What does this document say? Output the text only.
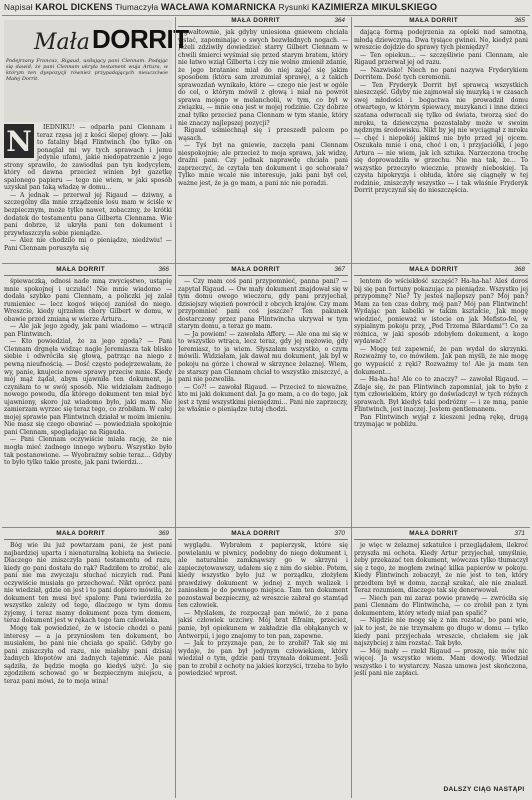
Napisał KAROL DICKENS Tłumaczyła WACŁAWA KOMARNICKA Rysunki KAZIMIERZA MIKULSKIEGO
Mała DORRIT
Podejrzany Francuz, Rigaud, usiłujący pani Clennam. Podając się dawid, że pani Clennam ukryła testament wuja Artura, w którym ten dyspozycji również przypadających nieuczciwie Małej Dorrit.

IEDNIKU! — odparła pani Clennam i teraz rzęsa jej z kości ślepej głowy. — Jaki to fatalny błąd Flintwinch (bo tylko on ponaglał mi wy tych sprawach i jemu jedynie ufam), jakie niedopatrzenie z jego strony sprawiło, że zawiodłaś pan tyn kodycylem, który od dawna przecież winien był gazetkę spalonego papieru — tego nie wiem, w jaki sposób uzyskał pan taką władzę w domu…

— A jednak — przerwał jej Rigaud — dziwny, a szczególny dla mnie zrządzenie losu mam w ściśle w bezpiecznym, może tylko nawet, zobaczmy, że krótki dodatek do testamentu pana Gilberta Clennama. Wie pani dobrze, iż ukryła pani ten dokument i przywłaszczyła sobie pieniądze.

— Alez nie chodzilo mi o pieniądze, niedźwiu! — Pani Clennam poruszyła się

N
MAŁA DORRIT	364

gwałtownie, jak gdyby uniesiona gniewem chciała wstać, zapominając o swych bezwładnych nogach. — Jeżeli zdziwiły dowiedzieć starry Gilbert Clennam w chwili śmierci wyśmiał się przed starym bratem, który nie łatwo wziął Gilberta i czy nie wolno zmienił zdanie, że jego brataniec miał do niej zająć się jakim sposobem (która sam zrozumiał sprawę), a z takich sprawozdań wynikało, które — czego nie jest w ogóle do cel, o którym mówił z głową i miał na powrót sprawa mojego w melancholii, w tym, co był w związku, — mnie ona jest w mojej rodzinie. Czy dobrze znał tylko przecież pana Clennam w tym stanie, który nie znaczy najlepszej pozycji?

Rigaud uśmiechnął się i przeszedł palcem po wąsach.

— Tyś był na gniewie, zaczęła pani Clennam niespokojnie; ale przecież to moja sprawa, jak widzę, drażni pani. Czy jednak naprawdę chciała pani zaprzeczyć, że czytała ten dokument i go schowała? Tylko mnie wcale nie interesuje, jaki pani był cel, ważne jest, że ja go mam, a pani nic nie poradzi.

MAŁA DORRIT	365

dającą formą podejrzenia za opieki nad samotną, młodą dziewczyną. Dwa tysiące gwinei. No, kiedyż pani wreszcie dojdzie do sprawy tych pieniędzy?

— Ten opiekun… — szczęśliwie pani Clennam, ale Rigaud przerwał jej od razu.

— Nazwisko! Niech no pani nazywa Fryderykiem Dorritem. Dość tych ceremonii.

— Ten Fryderyk Dorrit był sprawcą wszystkich nieszczęść. Gdyby nie zajmował się muzyką i w czasach swej młodości i bogactwa nie prowadził domu otwartego, w którym śpiewacy, muzykanci i inne dzieci szatana odwracali się tylko od świata, tworzą sieć do mroku, ta dziewczyna pozostałaby może w swoim nędznym środowisku. Nikt by jej nie wyciągnął z mroku — chęć i niepokój jakimś nie było przed jej ojcem. Oszukała mnie i ona, choć i on, i przyjaciółki, i jego Artura — nie wiem, jak ich sztuka. Narzeczona trochę się doprowadziła w grzechu. Nie ma tak, że… To wszystko przeczyło wiecznie, prawdy nieboskiej. Ta czysta hipokryzja i obłuda, które się ciągnęły w tej rodzinie, zniszczyły wszystko — i tak właśnie Fryderyk Dorrit przyczynił się do nieszczęścia.

MAŁA DORRIT	366

śpiewaczką, odnosi nade mną zwycięstwo, ustąpię mnie spokojnej i uczułać! Nie mnie wiadomo — dodała szybko pani Clennam, a policzki jej zalał rumieniec — lecz kogoś więcej zaniósł do niego. Wreszcie, kiedy ujrzałem chory Gilbert w domu, w obawie przed zmianą w wierze Artura…

— Ale jak jego zgody, jak pani wiadomo — wtrącił pan Flintwinch.

— Kto powiedział, że za jego zgodą? — Pani Clennam drgnęła widząc nagle Jeremiasza tak blisko siebie i odwróciła się głową, patrząc na niego z pewną nieufnością. — Dość często podejrzewałam, że wy, panie, knujecie nowe sprawy przeciw mnie. Kiedy mój mąż żądał, abym ujawniła ten dokument, ja czyniłam to w swój sposób. Nie widziałam żadnego nowego powodu, dla którego dokument ten miał być ujawniony, skoro już wiadomo było, jaki mam. Nie zamierzam wyrzec się teraz tego, co zrobiłam. W całej mojej sprawie pan Flintwinch działał w moim imieniu. Nie masz się czego obawiać — powiedziała spokojnie pani Clennam, spoglądając na Rigauda.

— Pani Clennam oczywiście miała rację, że nie mogła mieć żadnego innego wyboru. Wszystko było tak postanowione. — Wyobraźmy sobie teraz… Gdyby to było tylko takie proste, jak pani twierdzi…

MAŁA DORRIT	367

— Czy mam coś pani przypomnieć, panna pani? — zapytał Rigaud. — Ow mały dokument znajdował się w tym domu owego wieczoru, gdy pani przyjechał, dzisiejszy więzień powrócił z obcych krajów. Czy mam przypomnieć pani coś jeszcze? Ten pakunek dostarczony przez pana Flintwincha ukrywał w tym starym domu, a teraz go mam.

— Ja powiem! — zawołała Affery. — Ale ona mi się w to wszystko wtrąca, lecz teraz, gdy jej mężowie, gdy Jeremiasz, to ja wiem. Słyszałam wszystko, o czym mówili. Widziałam, jak dawał mu dokument, jak był w pokoju na górze i chował w skrzynce żelaznej. Wiem, że starszy pan Clennam chciał to wszystko zniszczyć, a pani nie pozwoliła.

— Co?! — zawołał Rigaud. — Przecież to nieważne, kto mi jaki dokument dał. Ja go mam, a co do tego, jak jest z tymi wszystkimi pieniędzmi… Pani nie zaprzeczy, że właśnie o pieniądze tutaj chodzi.

MAŁA DORRIT	368

lentem do wściekłość szczęść? Ha-ha-ha! Aleś doroś bij się pan fortuny pokazując za pieniądze. Wszystko jej przypomnę? Nie? Ty jesteś najlepszy pan? Mój pan? Mam za ten czas dobry, mój pan? Mój pan Flintwinch! Wydając pan kabelki w takim kształcie, Jak mogę wiedzieć, ponieważ w istocie on jak Mefisto-fel, w sypialnym pokoju przy, „Pod Trzema Bilardami”! Co za różnica, w jaki sposób zdobyłem dokument, a kogo wydawać?

— Mogę też zapewnić, że pan wydał do skrzynki. Rozważmy to, co mówiłem. Jak pan myśli, że nie mogę go wypuścić z ręki? Rozważmy to! Ale ja mam ten dokument…

— Ha-ha-ha! Ale co to znaczy? — zawołał Rigaud. — Zdaje się, że pan Flintwinch zapomniał, jak to było z tym człowiekiem, który go doświadczył w tych różnych sprawach. Był kiedyś taki podróżny — i ze mną, panie Flintwinch, jest inaczej. Jestem gentlemanem.

Pan Flintwinch wyjął z kieszeni jedną rękę, drugą trzymając w pobliżu.

MAŁA DORRIT	369

Bóg wie ilu już powtarzam pani, że jest pani najbardziej uparta i nienaturalną kobietą na świecie. Dlaczego nie zniszczyła pani testamentu od razu, kiedy go pani dostała do rąk? Radziłem to zrobić, ale pani nie ma zwyczaju słuchać niczyich rad. Pani oczywiście musiała go przechować. Nikt oprócz pani nie wiedział, gdzie on jest i to pani dopiero mówiła, że dokument ten musi być spalony. Pani twierdziła że wszystko zależy od tego, dlaczego w tym domu żyjemy, i teraz mamy dokument poza tym domem, teraz dokument jest w rękach tego tam człowieka.

Mogę tak powiedzieć, że w istocie chodzi o pani interesy — a ja przyniosłem ten dokument, bo musiałem, bo pani nie chciała go spalić. Gdyby go pani zniszczyła od razu, nie miałaby pani dzisiaj żadnych kłopotów ani żadnych tajemnic. Ale pani sądziła, że będzie mogła go kiedyś użyć. Ja się zgodziłem schować go w bezpiecznym miejscu, a teraz pani mówi, że to moja wina!

MAŁA DORRIT	370

wyglądu. Wybrałem z papierzysk, które się powielaniu w piwnicy, podobny do niego dokument i, ale naturalnie zamknąwszy go w skrzyni i zapieczętowawszy, udałem się z nim do siebie. Potem, kiedy wszystko było już w porządku, złożyłem prawdziwy dokument w jednej z mych walizek i zaniosłem je do pewnego miejsca. Tam ten dokument pozostawał bezpieczny, aż wreszcie zabrał go stamtąd ten człowiek.

— Myślałem, że rozpoczął pan mówić, że z pana jakiś człowiek uczciwy. Mój brat Efraim, przecież, panie, był opiekunem w zakładzie dla obłąkanych w Antwerpii, i jego znajomy to ten pan, zapewne.

— Jak to przyznaje pan, że to zrobił? Tak się mi wydaje, że pan był jedynym człowiekiem, który wiedział o tym, gdzie pani trzymała dokument. Jeśli pan to zrobił z ochoty na jakieś korzyści, trzeba to było powiedzieć wprost.

MAŁA DORRIT	371

je więc w żelaznej szkatułce i przeglądałem, ilekroć przyszła mi ochota. Kiedy Artur przyjechał, umyślnie, żeby przekazać ten dokument, wówczas tylko tłumaczył się z tego, że mogłem zwinąć kilka papierów w pokoju. Kiedy Flintwinch zobaczył, że nie jest to ten, który przedtem był w domu, zaczął szukać, ale nie znalazł. Teraz rozumiem, dlaczego tak się denerwował.

— Niech pan mi zaraz powie prawdę — zwróciła się pani Clennam do Flintwincha, — co zrobił pan z tym dokumentem, który wtedy miał pan spalić?

— Nigdzie nie mogę się z nim rozstać, bo pani wie, jak to jest, że nie trzymałem go długo w domu — tylko kiedy pani przyjechała wreszcie, chciałem się jak najszybciej z nim rozstać. Tak było.

— Mój mały — rzekł Rigaud — proszę, nie mów nic więcej. Ja wszystko wiem. Mam dowody. Wiedział wszystko i to wystarczy. Nasza umowa jest skończona, jeśli pani nie zapłaci.

DALSZY CIĄG NASTĄPI
